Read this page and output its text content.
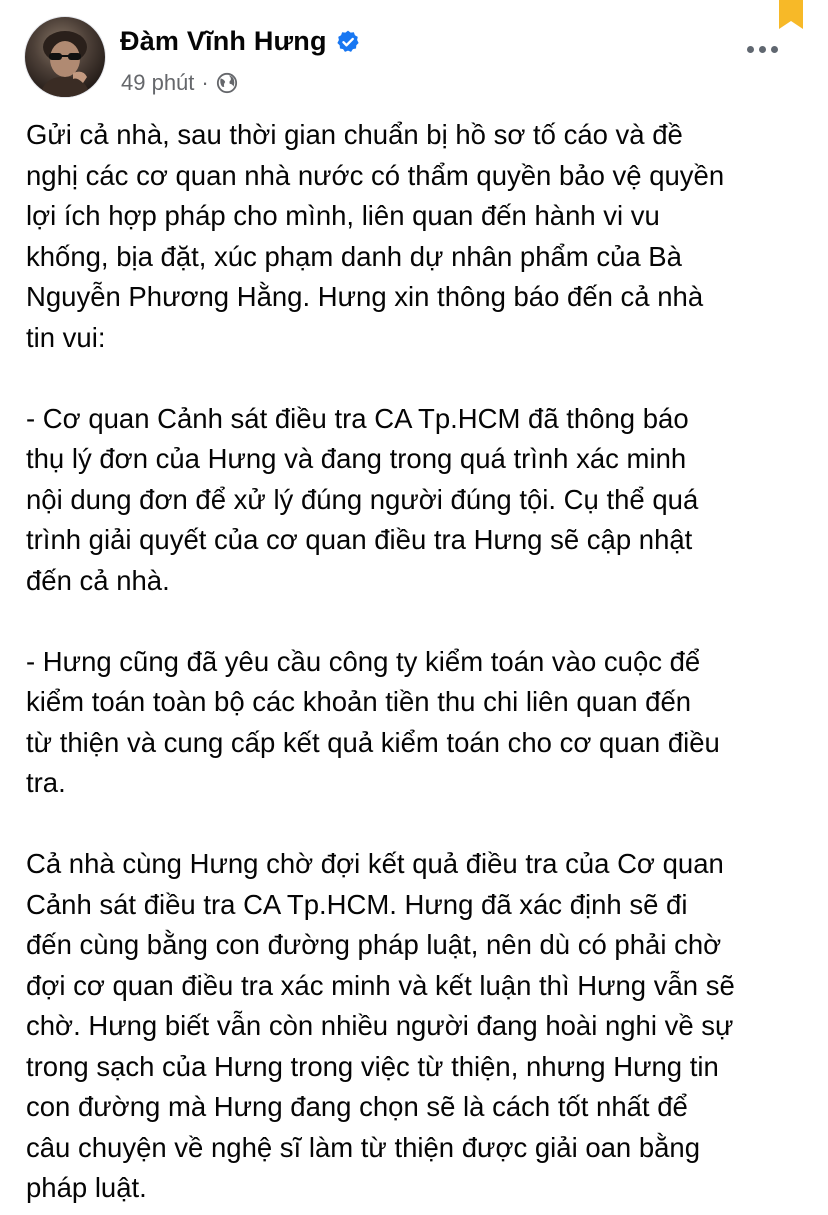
Đàm Vĩnh Hưng
49 phút ·

Gửi cả nhà, sau thời gian chuẩn bị hồ sơ tố cáo và đề
nghị các cơ quan nhà nước có thẩm quyền bảo vệ quyền
lợi ích hợp pháp cho mình, liên quan đến hành vi vu
khống, bịa đặt, xúc phạm danh dự nhân phẩm của Bà
Nguyễn Phương Hằng. Hưng xin thông báo đến cả nhà
tin vui:

- Cơ quan Cảnh sát điều tra CA Tp.HCM đã thông báo
thụ lý đơn của Hưng và đang trong quá trình xác minh
nội dung đơn để xử lý đúng người đúng tội. Cụ thể quá
trình giải quyết của cơ quan điều tra Hưng sẽ cập nhật
đến cả nhà.

- Hưng cũng đã yêu cầu công ty kiểm toán vào cuộc để
kiểm toán toàn bộ các khoản tiền thu chi liên quan đến
từ thiện và cung cấp kết quả kiểm toán cho cơ quan điều
tra.

Cả nhà cùng Hưng chờ đợi kết quả điều tra của Cơ quan
Cảnh sát điều tra CA Tp.HCM. Hưng đã xác định sẽ đi
đến cùng bằng con đường pháp luật, nên dù có phải chờ
đợi cơ quan điều tra xác minh và kết luận thì Hưng vẫn sẽ
chờ. Hưng biết vẫn còn nhiều người đang hoài nghi về sự
trong sạch của Hưng trong việc từ thiện, nhưng Hưng tin
con đường mà Hưng đang chọn sẽ là cách tốt nhất để
câu chuyện về nghệ sĩ làm từ thiện được giải oan bằng
pháp luật.
